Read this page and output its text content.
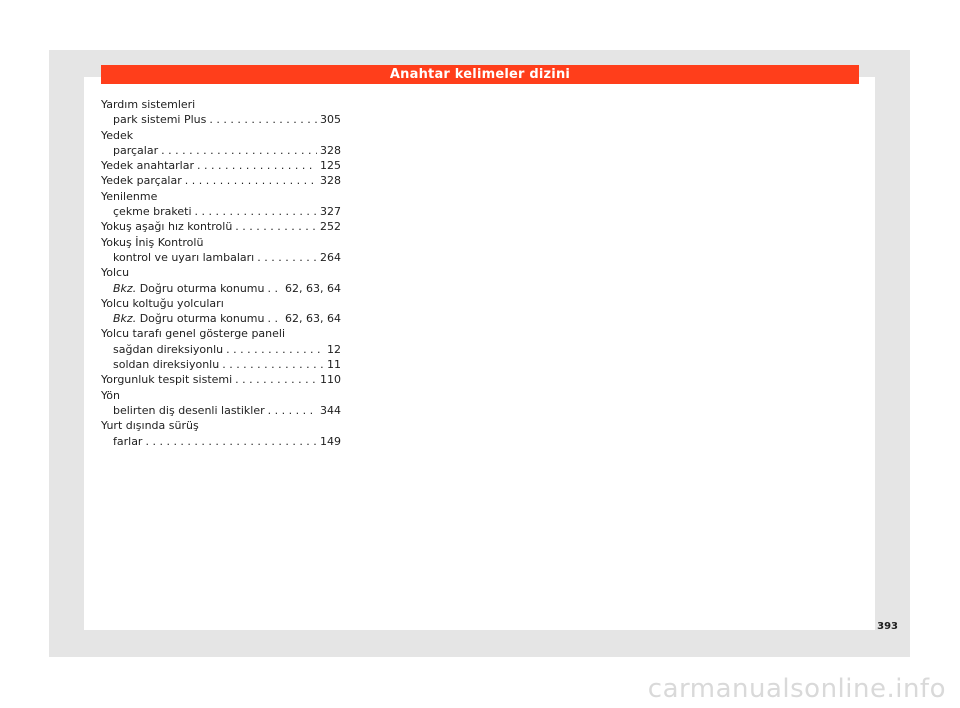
Anahtar kelimeler dizini
Yardım sistemleri
park sistemi Plus . . .	305
Yedek
parçalar . . .	328
Yedek anahtarlar . . .	125
Yedek parçalar . . .	328
Yenilenme
çekme braketi . . .	327
Yokuş aşağı hız kontrolü . . .	252
Yokuş İniş Kontrolü
kontrol ve uyarı lambaları . . .	264
Yolcu
Bkz. Doğru oturma konumu . . . 62, 63, 64
Yolcu koltuğu yolcuları
Bkz. Doğru oturma konumu . . . 62, 63, 64
Yolcu tarafı genel gösterge paneli
sağdan direksiyonlu . . .	12
soldan direksiyonlu . . .	11
Yorgunluk tespit sistemi . . .	110
Yön
belirten diş desenli lastikler . . .	344
Yurt dışında sürüş
farlar . . .	149
393
carmanualsonline.info
